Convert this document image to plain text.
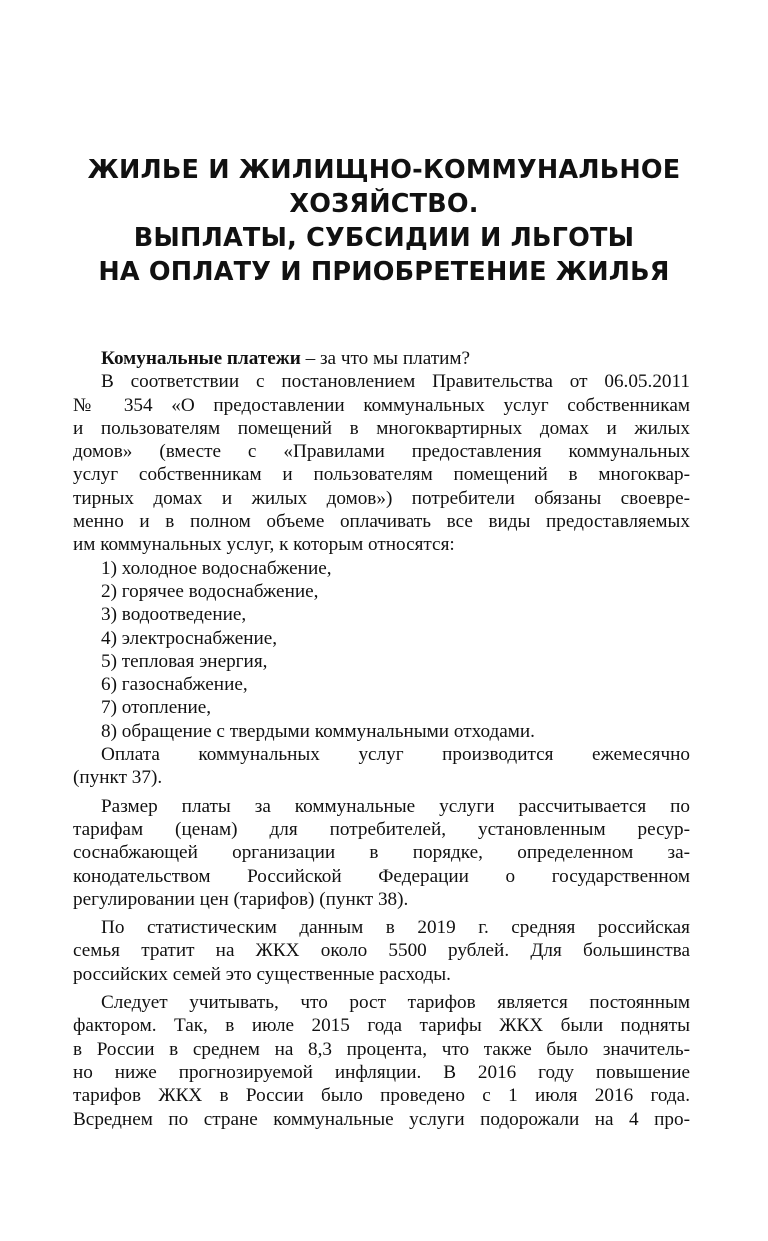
ЖИЛЬЕ И ЖИЛИЩНО-КОММУНАЛЬНОЕ
ХОЗЯЙСТВО.
ВЫПЛАТЫ, СУБСИДИИ И ЛЬГОТЫ
НА ОПЛАТУ И ПРИОБРЕТЕНИЕ ЖИЛЬЯ

Комунальные платежи – за что мы платим?

В соответствии с постановлением Правительства от 06.05.2011
№ 354 «О предоставлении коммунальных услуг собственникам
и пользователям помещений в многоквартирных домах и жилых
домов» (вместе с «Правилами предоставления коммунальных
услуг собственникам и пользователям помещений в многоквар-
тирных домах и жилых домов») потребители обязаны своевре-
менно и в полном объеме оплачивать все виды предоставляемых
им коммунальных услуг, к которым относятся:

1) холодное водоснабжение,
2) горячее водоснабжение,
3) водоотведение,
4) электроснабжение,
5) тепловая энергия,
6) газоснабжение,
7) отопление,
8) обращение с твердыми коммунальными отходами.

Оплата коммунальных услуг производится ежемесячно
(пункт 37).

Размер платы за коммунальные услуги рассчитывается по
тарифам (ценам) для потребителей, установленным ресур-
соснабжающей организации в порядке, определенном за-
конодательством Российской Федерации о государственном
регулировании цен (тарифов) (пункт 38).

По статистическим данным в 2019 г. средняя российская
семья тратит на ЖКХ около 5500 рублей. Для большинства
российских семей это существенные расходы.

Следует учитывать, что рост тарифов является постоянным
фактором. Так, в июле 2015 года тарифы ЖКХ были подняты
в России в среднем на 8,3 процента, что также было значитель-
но ниже прогнозируемой инфляции. В 2016 году повышение
тарифов ЖКХ в России было проведено с 1 июля 2016 года.
Всреднем по стране коммунальные услуги подорожали на 4 про-
